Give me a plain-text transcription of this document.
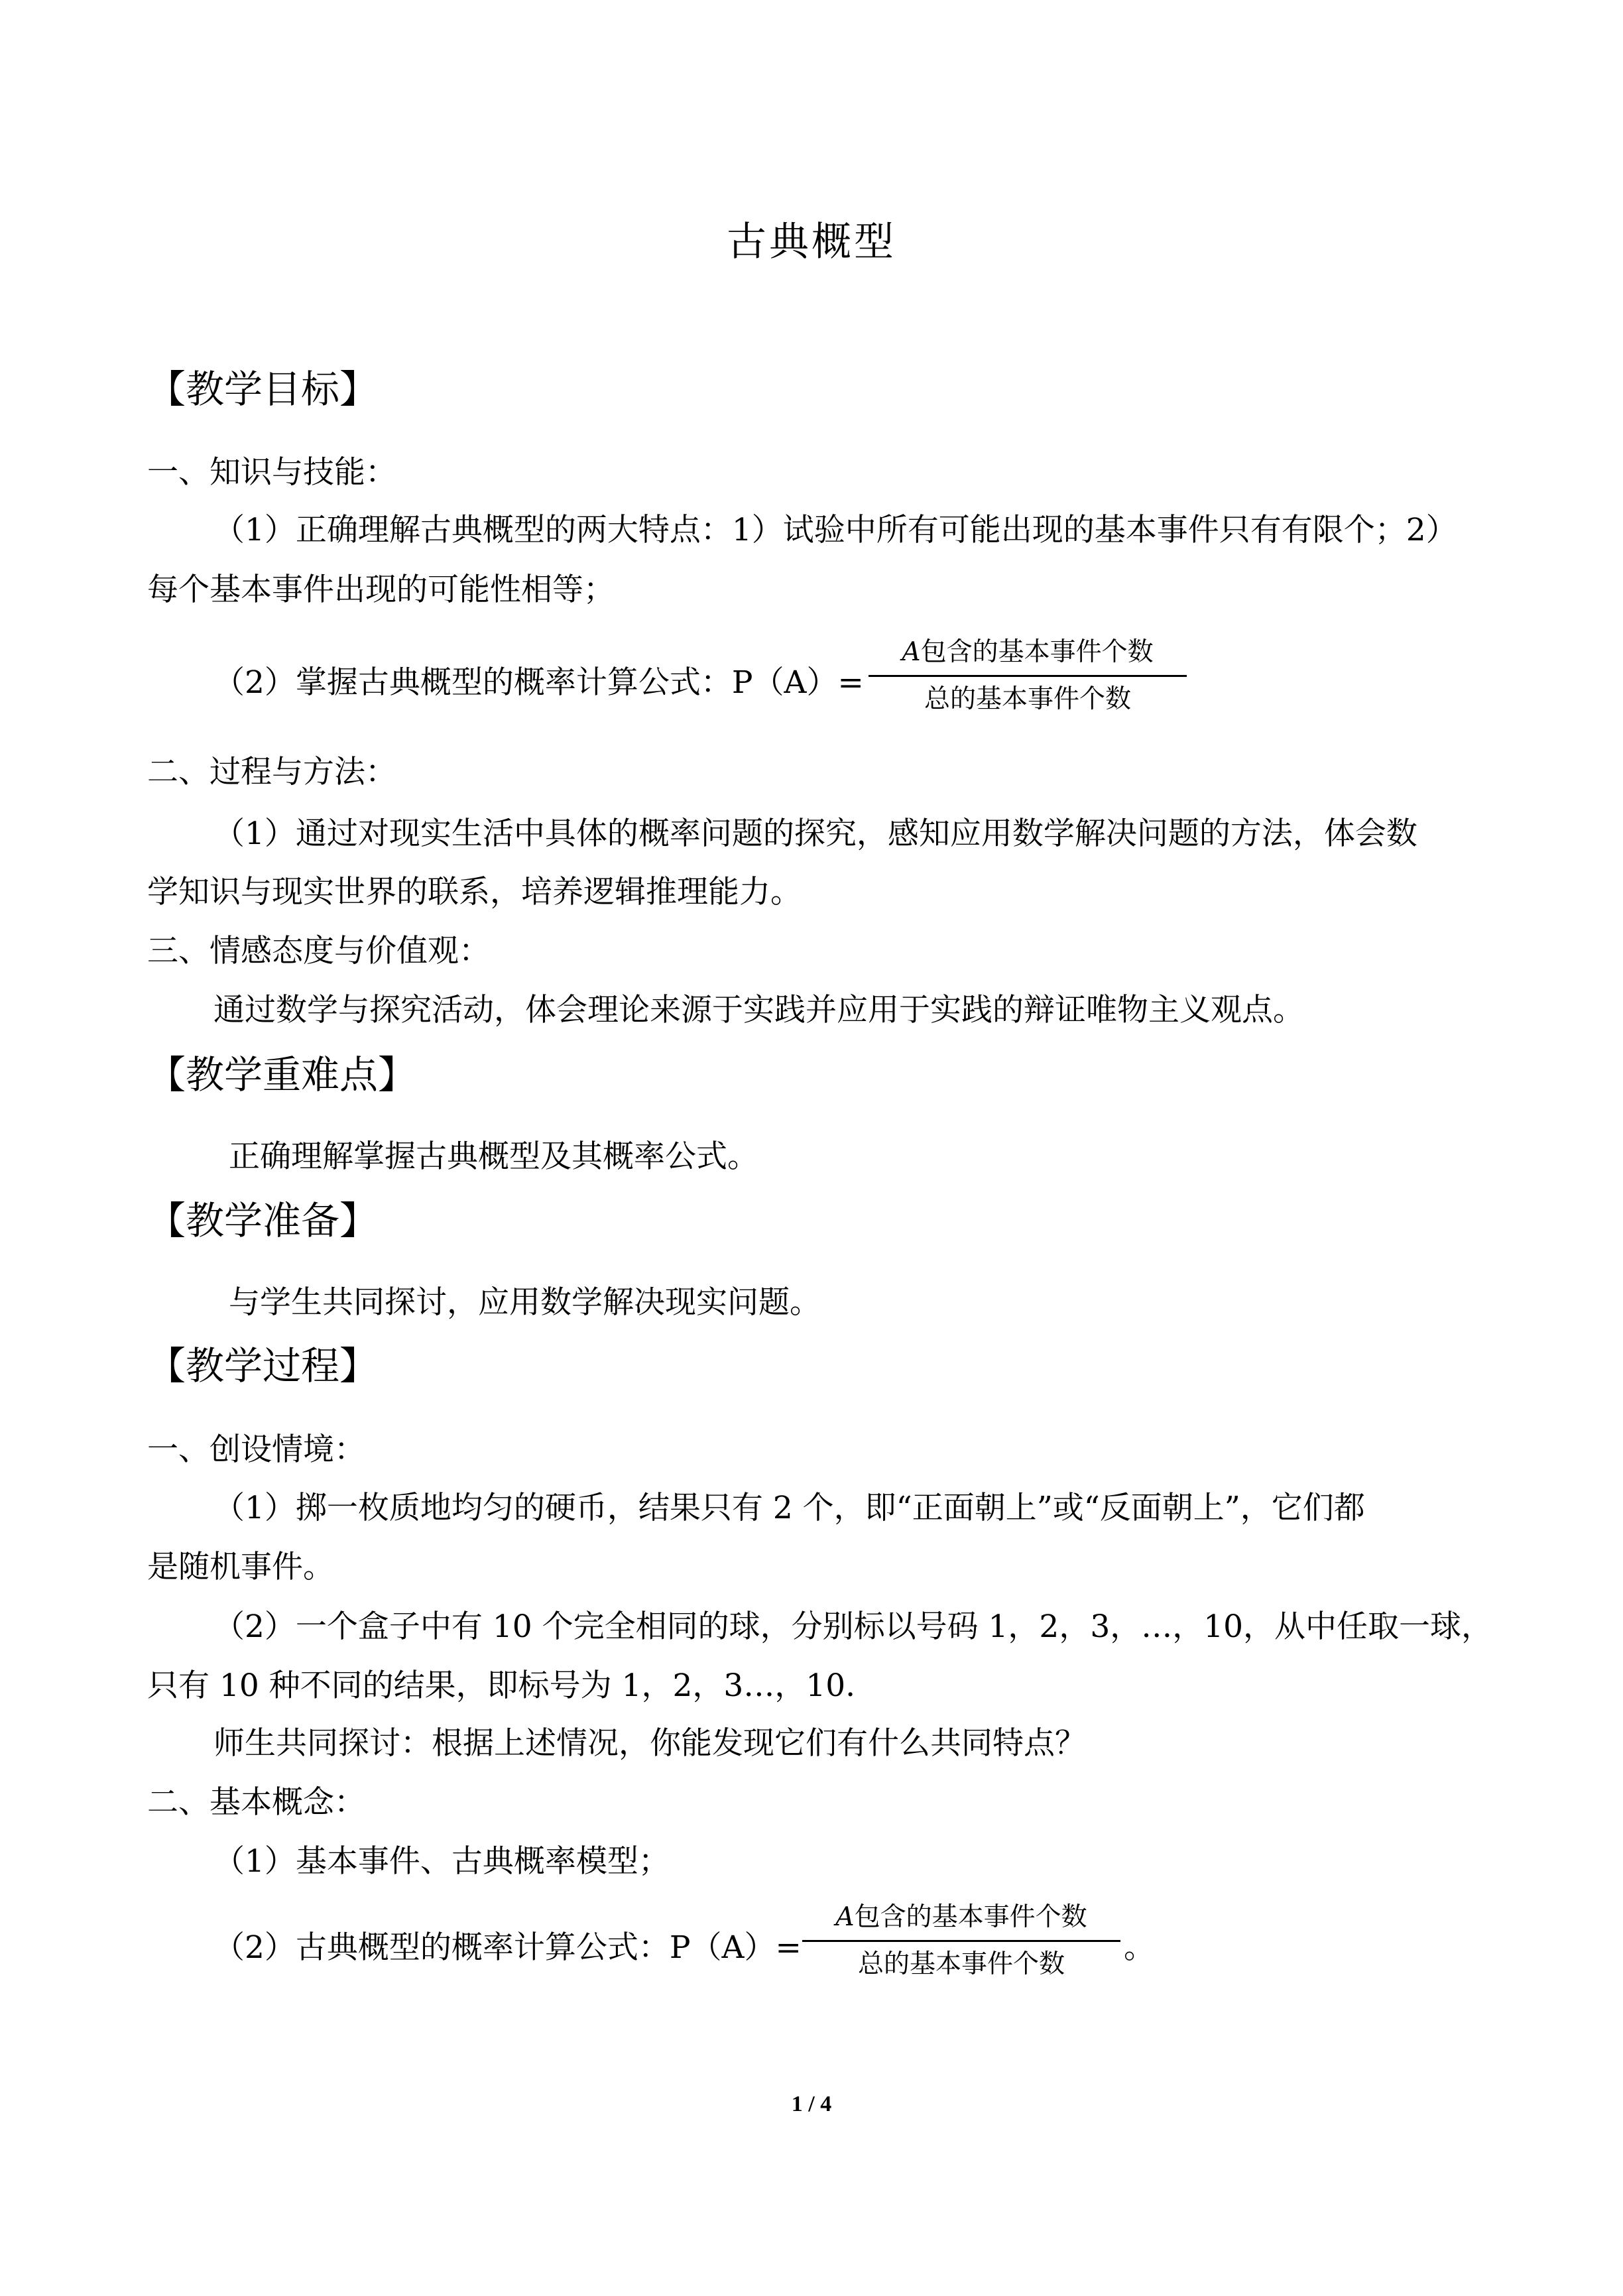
古典概型
【教学目标】

一、知识与技能：

（1）正确理解古典概型的两大特点：1）试验中所有可能出现的基本事件只有有限个；2）

每个基本事件出现的可能性相等；

（2）掌握古典概型的概率计算公式：P（A）=
A包含的基本事件个数
总的基本事件个数

二、过程与方法：

（1）通过对现实生活中具体的概率问题的探究，感知应用数学解决问题的方法，体会数

学知识与现实世界的联系，培养逻辑推理能力。

三、情感态度与价值观：

通过数学与探究活动，体会理论来源于实践并应用于实践的辩证唯物主义观点。

【教学重难点】

正确理解掌握古典概型及其概率公式。

【教学准备】

与学生共同探讨，应用数学解决现实问题。

【教学过程】

一、创设情境：

（1）掷一枚质地均匀的硬币，结果只有 2 个，即“正面朝上”或“反面朝上”，它们都

是随机事件。

（2）一个盒子中有 10 个完全相同的球，分别标以号码 1，2，3，…，10，从中任取一球，

只有 10 种不同的结果，即标号为 1，2，3…，10.

师生共同探讨：根据上述情况，你能发现它们有什么共同特点？

二、基本概念：

（1）基本事件、古典概率模型；

（2）古典概型的概率计算公式：P（A）=
A包含的基本事件个数
总的基本事件个数 。
1 / 4
